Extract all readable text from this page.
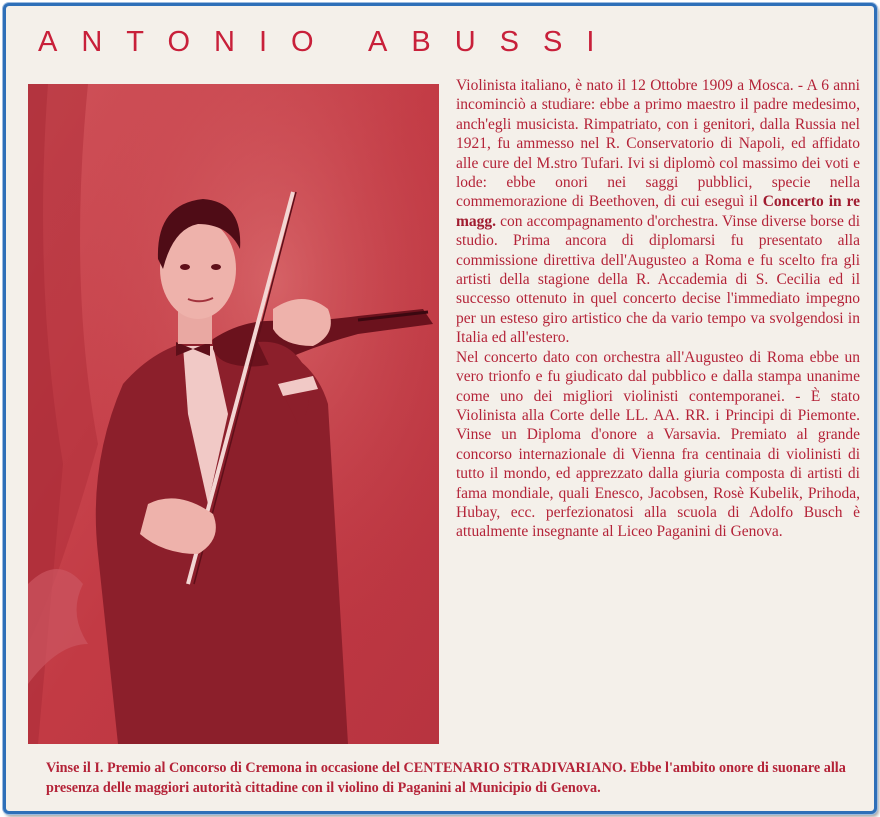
ANTONIO ABUSSI

Violinista italiano, è nato il 12 Ottobre 1909 a Mosca. - A 6 anni incominciò a studiare: ebbe a primo maestro il padre medesimo, anch'egli musicista. Rimpatriato, con i genitori, dalla Russia nel 1921, fu ammesso nel R. Conservatorio di Napoli, ed affidato alle cure del M.stro Tufari. Ivi si diplomò col massimo dei voti e lode: ebbe onori nei saggi pubblici, specie nella commemorazione di Beethoven, di cui eseguì il Concerto in re magg. con accompagnamento d'orchestra. Vinse diverse borse di studio. Prima ancora di diplomarsi fu presentato alla commissione direttiva dell'Augusteo a Roma e fu scelto fra gli artisti della stagione della R. Accademia di S. Cecilia ed il successo ottenuto in quel concerto decise l'immediato impegno per un esteso giro artistico che da vario tempo va svolgendosi in Italia ed all'estero.

Nel concerto dato con orchestra all'Augusteo di Roma ebbe un vero trionfo e fu giudicato dal pubblico e dalla stampa unanime come uno dei migliori violinisti contemporanei. - È stato Violinista alla Corte delle LL. AA. RR. i Principi di Piemonte. Vinse un Diploma d'onore a Varsavia. Premiato al grande concorso internazionale di Vienna fra centinaia di violinisti di tutto il mondo, ed apprezzato dalla giuria composta di artisti di fama mondiale, quali Enesco, Jacobsen, Rosè Kubelik, Prihoda, Hubay, ecc. perfezionatosi alla scuola di Adolfo Busch è attualmente insegnante al Liceo Paganini di Genova.

Vinse il I. Premio al Concorso di Cremona in occasione del CENTENARIO STRADIVARIANO. Ebbe l'ambito onore di suonare alla presenza delle maggiori autorità cittadine con il violino di Paganini al Municipio di Genova.
